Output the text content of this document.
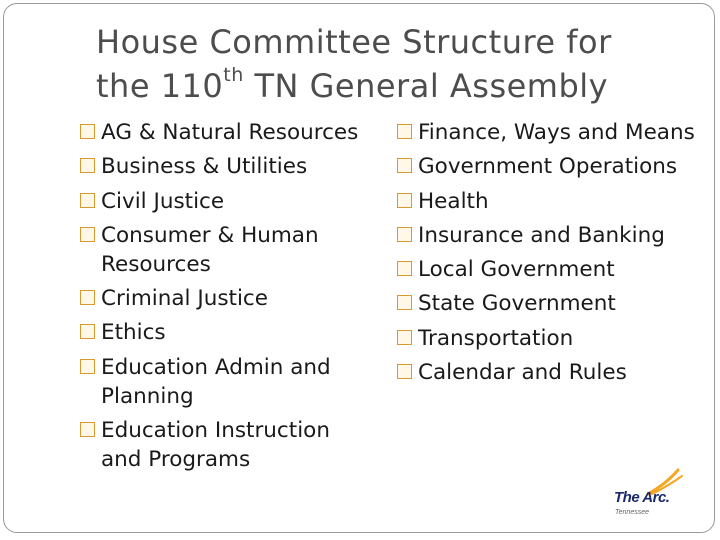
House Committee Structure for
the 110th TN General Assembly
AG & Natural Resources
Business & Utilities
Civil Justice
Consumer & Human Resources
Criminal Justice
Ethics
Education Admin and Planning
Education Instruction and Programs
Finance, Ways and Means
Government Operations
Health
Insurance and Banking
Local Government
State Government
Transportation
Calendar and Rules
The Arc.
Tennessee
